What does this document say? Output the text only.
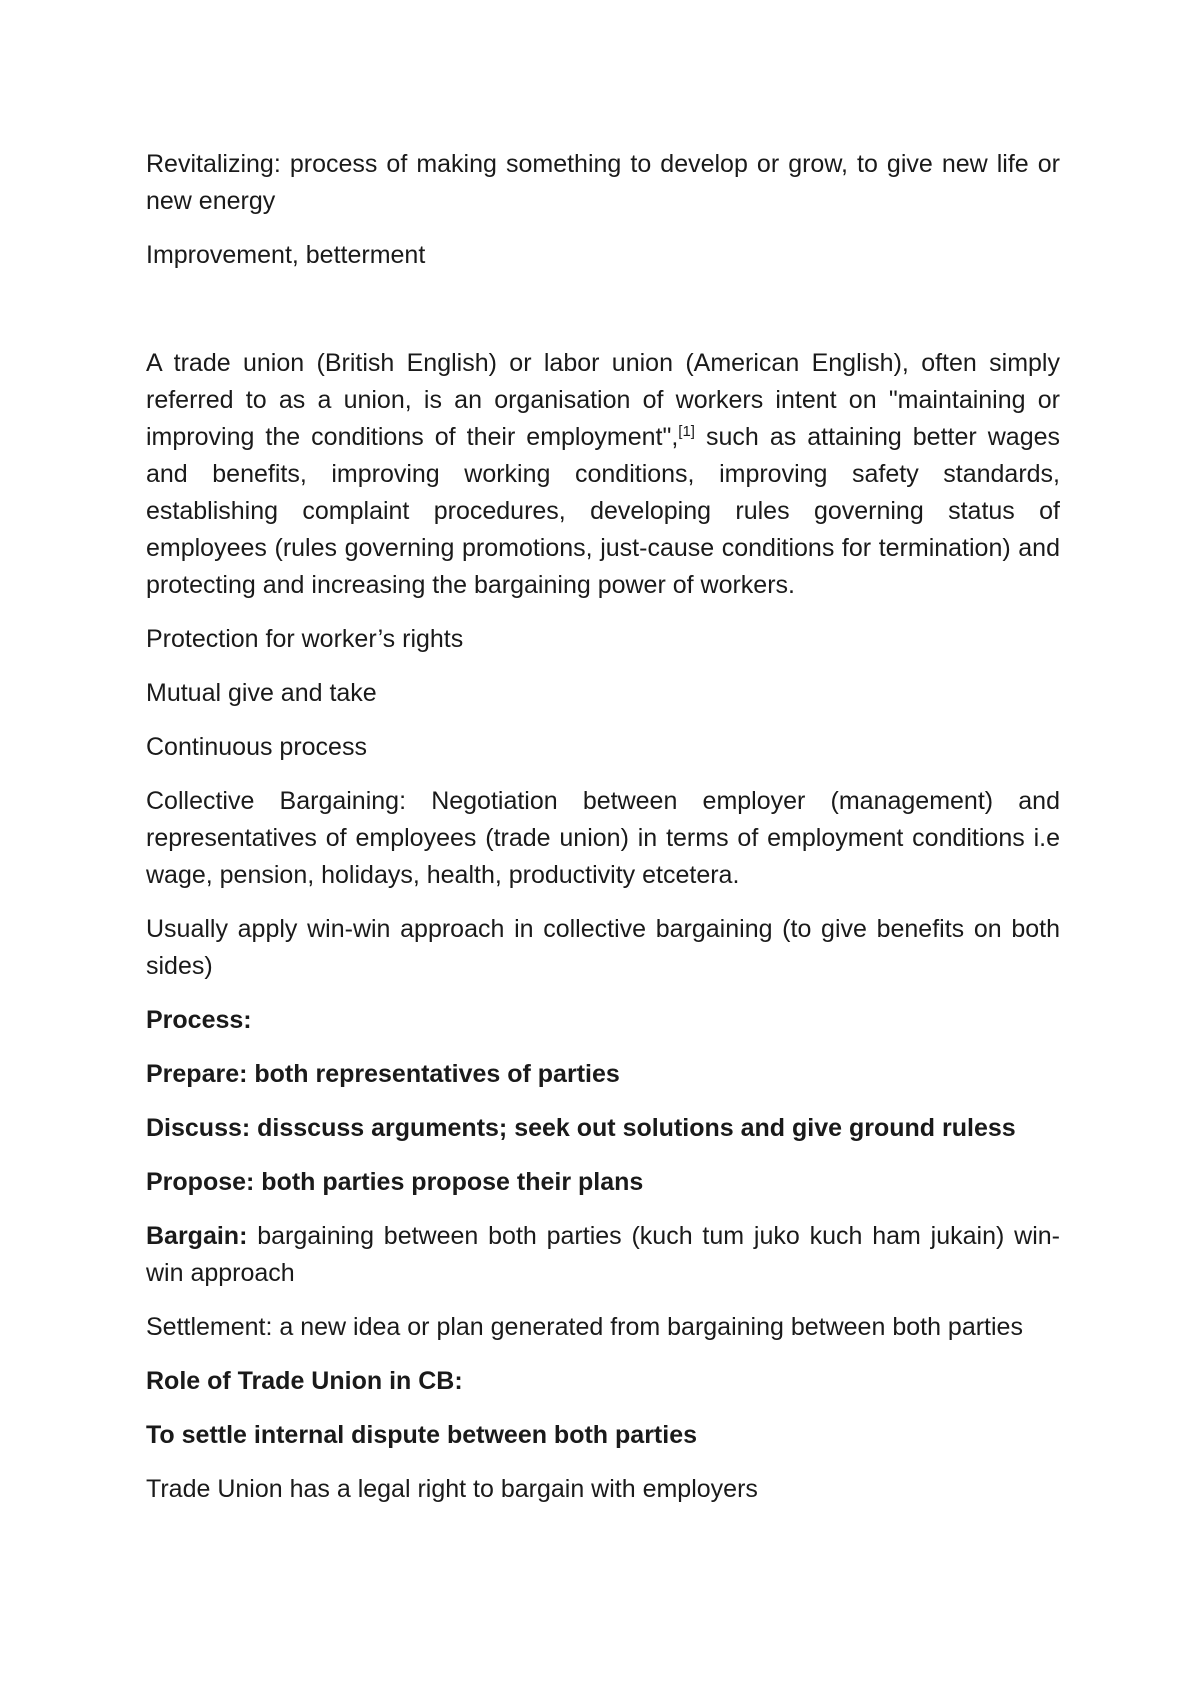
Revitalizing: process of making something to develop or grow, to give new life or new energy

Improvement, betterment

A trade union (British English) or labor union (American English), often simply referred to as a union, is an organisation of workers intent on "maintaining or improving the conditions of their employment",[1] such as attaining better wages and benefits, improving working conditions, improving safety standards, establishing complaint procedures, developing rules governing status of employees (rules governing promotions, just-cause conditions for termination) and protecting and increasing the bargaining power of workers.

Protection for worker’s rights

Mutual give and take

Continuous process

Collective Bargaining: Negotiation between employer (management) and representatives of employees (trade union) in terms of employment conditions i.e wage, pension, holidays, health, productivity etcetera.

Usually apply win-win approach in collective bargaining (to give benefits on both sides)

Process:

Prepare: both representatives of parties

Discuss: disscuss arguments; seek out solutions and give ground ruless

Propose: both parties propose their plans

Bargain: bargaining between both parties (kuch tum juko kuch ham jukain) win-win approach

Settlement: a new idea or plan generated from bargaining between both parties

Role of Trade Union in CB:

To settle internal dispute between both parties

Trade Union has a legal right to bargain with employers
